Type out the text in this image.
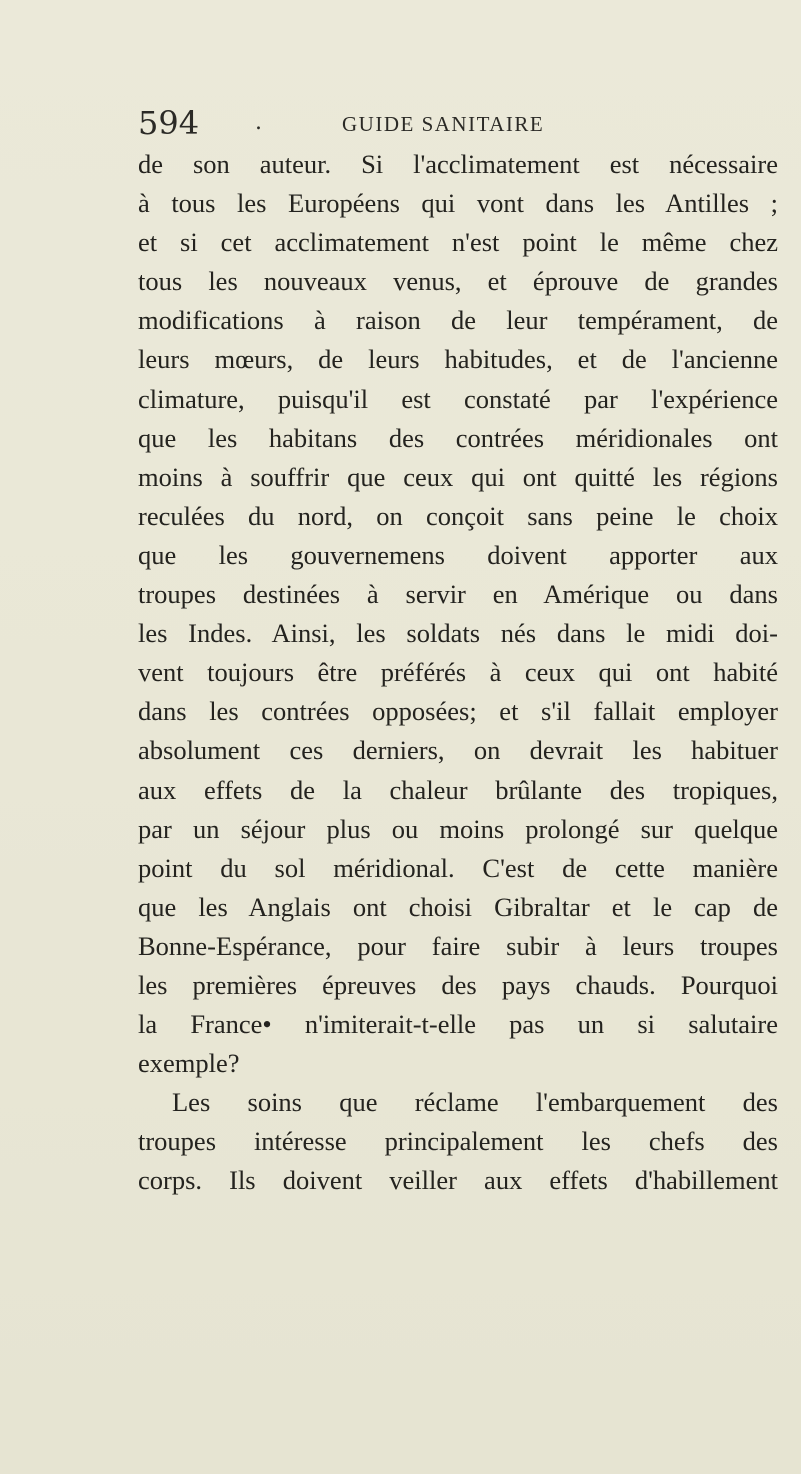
594	.	GUIDE SANITAIRE
de son auteur. Si l'acclimatement est nécessaire
à tous les Européens qui vont dans les Antilles ;
et si cet acclimatement n'est point le même chez
tous les nouveaux venus, et éprouve de grandes
modifications à raison de leur tempérament, de
leurs mœurs, de leurs habitudes, et de l'ancienne
climature, puisqu'il est constaté par l'expérience
que les habitans des contrées méridionales ont
moins à souffrir que ceux qui ont quitté les régions
reculées du nord, on conçoit sans peine le choix
que les gouvernemens doivent apporter aux
troupes destinées à servir en Amérique ou dans
les Indes. Ainsi, les soldats nés dans le midi doi-
vent toujours être préférés à ceux qui ont habité
dans les contrées opposées; et s'il fallait employer
absolument ces derniers, on devrait les habituer
aux effets de la chaleur brûlante des tropiques,
par un séjour plus ou moins prolongé sur quelque
point du sol méridional. C'est de cette manière
que les Anglais ont choisi Gibraltar et le cap de
Bonne-Espérance, pour faire subir à leurs troupes
les premières épreuves des pays chauds. Pourquoi
la France• n'imiterait-t-elle pas un si salutaire
exemple?
Les soins que réclame l'embarquement des
troupes intéresse principalement les chefs des
corps. Ils doivent veiller aux effets d'habillement
